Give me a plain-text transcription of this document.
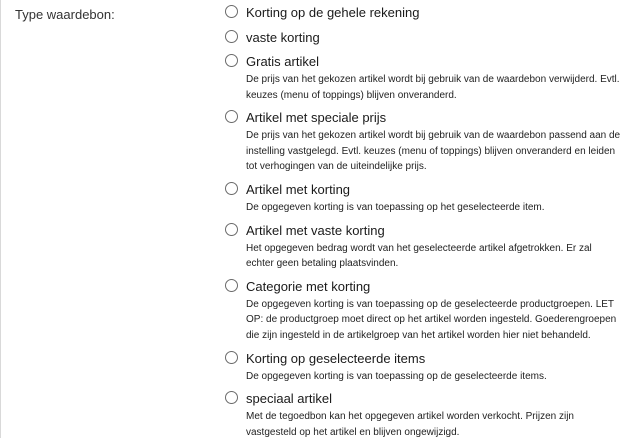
Type waardebon:	Korting op de gehele rekening
vaste korting
Gratis artikel
De prijs van het gekozen artikel wordt bij gebruik van de waardebon verwijderd. Evtl. keuzes (menu of toppings) blijven onveranderd.
Artikel met speciale prijs
De prijs van het gekozen artikel wordt bij gebruik van de waardebon passend aan de instelling vastgelegd. Evtl. keuzes (menu of toppings) blijven onveranderd en leiden tot verhogingen van de uiteindelijke prijs.
Artikel met korting
De opgegeven korting is van toepassing op het geselecteerde item.
Artikel met vaste korting
Het opgegeven bedrag wordt van het geselecteerde artikel afgetrokken. Er zal echter geen betaling plaatsvinden.
Categorie met korting
De opgegeven korting is van toepassing op de geselecteerde productgroepen. LET OP: de productgroep moet direct op het artikel worden ingesteld. Goederengroepen die zijn ingesteld in de artikelgroep van het artikel worden hier niet behandeld.
Korting op geselecteerde items
De opgegeven korting is van toepassing op de geselecteerde items.
speciaal artikel
Met de tegoedbon kan het opgegeven artikel worden verkocht. Prijzen zijn vastgesteld op het artikel en blijven ongewijzigd.
